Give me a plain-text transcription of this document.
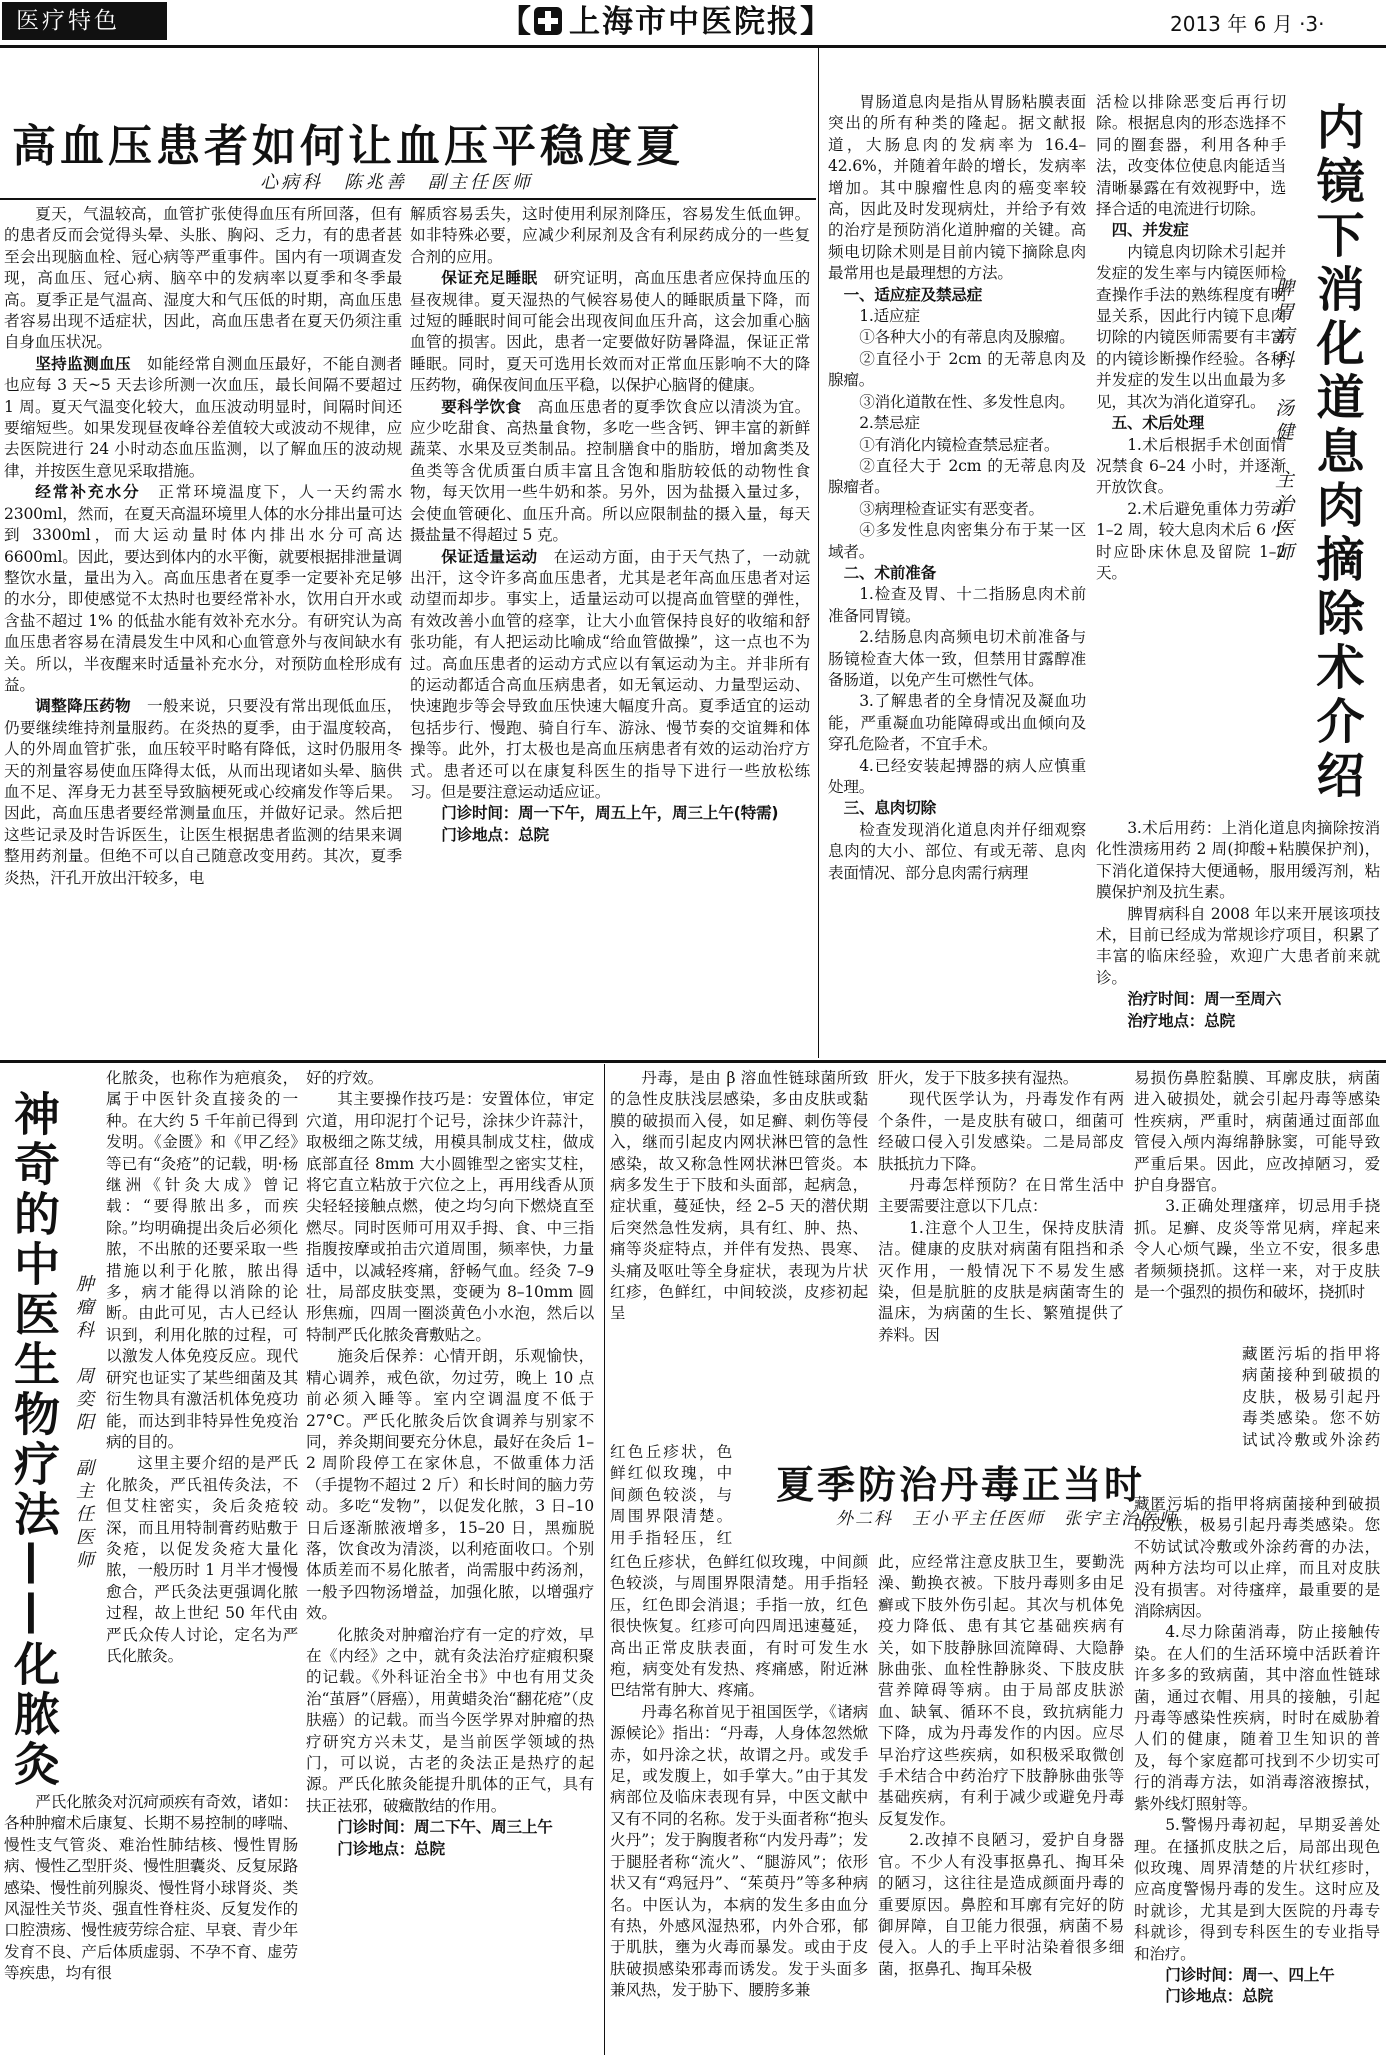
医疗特色	【 上海市中医院报】	2013 年 6 月 ·3·
高血压患者如何让血压平稳度夏
心病科　陈兆善　副主任医师

夏天，气温较高，血管扩张使得血压有所回落，但有的患者反而会觉得头晕、头胀、胸闷、乏力，有的患者甚至会出现脑血栓、冠心病等严重事件。国内有一项调查发现，高血压、冠心病、脑卒中的发病率以夏季和冬季最高。夏季正是气温高、湿度大和气压低的时期，高血压患者容易出现不适症状，因此，高血压患者在夏天仍须注重自身血压状况。

坚持监测血压　 如能经常自测血压最好，不能自测者也应每 3 天~5 天去诊所测一次血压，最长间隔不要超过 1 周。夏天气温变化较大，血压波动明显时，间隔时间还要缩短些。如果发现昼夜峰谷差值较大或波动不规律，应去医院进行 24 小时动态血压监测，以了解血压的波动规律，并按医生意见采取措施。

经常补充水分　 正常环境温度下，人一天约需水 2300ml，然而，在夏天高温环境里人体的水分排出量可达到 3300ml，而大运动量时体内排出水分可高达 6600ml。因此，要达到体内的水平衡，就要根据排泄量调整饮水量，量出为入。高血压患者在夏季一定要补充足够的水分，即使感觉不太热时也要经常补水，饮用白开水或含盐不超过 1% 的低盐水能有效补充水分。有研究认为高血压患者容易在清晨发生中风和心血管意外与夜间缺水有关。所以，半夜醒来时适量补充水分，对预防血栓形成有益。

调整降压药物　 一般来说，只要没有常出现低血压，仍要继续维持剂量服药。在炎热的夏季，由于温度较高，人的外周血管扩张，血压较平时略有降低，这时仍服用冬天的剂量容易使血压降得太低，从而出现诸如头晕、脑供血不足、浑身无力甚至导致脑梗死或心绞痛发作等后果。因此，高血压患者要经常测量血压，并做好记录。然后把这些记录及时告诉医生，让医生根据患者监测的结果来调整用药剂量。但绝不可以自己随意改变用药。其次，夏季炎热，汗孔开放出汗较多，电

解质容易丢失，这时使用利尿剂降压，容易发生低血钾。如非特殊必要，应减少利尿剂及含有利尿药成分的一些复合剂的应用。

保证充足睡眠　 研究证明，高血压患者应保持血压的昼夜规律。夏天湿热的气候容易使人的睡眠质量下降，而过短的睡眠时间可能会出现夜间血压升高，这会加重心脑血管的损害。因此，患者一定要做好防暑降温，保证正常睡眠。同时，夏天可选用长效而对正常血压影响不大的降压药物，确保夜间血压平稳，以保护心脑肾的健康。

要科学饮食　 高血压患者的夏季饮食应以清淡为宜。应少吃甜食、高热量食物，多吃一些含钙、钾丰富的新鲜蔬菜、水果及豆类制品。控制膳食中的脂肪，增加禽类及鱼类等含优质蛋白质丰富且含饱和脂肪较低的动物性食物，每天饮用一些牛奶和茶。另外，因为盐摄入量过多，会使血管硬化、血压升高。所以应限制盐的摄入量，每天摄盐量不得超过 5 克。

保证适量运动　 在运动方面，由于天气热了，一动就出汗，这令许多高血压患者，尤其是老年高血压患者对运动望而却步。事实上，适量运动可以提高血管壁的弹性，有效改善小血管的痉挛，让大小血管保持良好的收缩和舒张功能，有人把运动比喻成“给血管做操”，这一点也不为过。高血压患者的运动方式应以有氧运动为主。并非所有的运动都适合高血压病患者，如无氧运动、力量型运动、快速跑步等会导致血压快速大幅度升高。夏季适宜的运动包括步行、慢跑、骑自行车、游泳、慢节奏的交谊舞和体操等。此外，打太极也是高血压病患者有效的运动治疗方式。患者还可以在康复科医生的指导下进行一些放松练习。但是要注意运动适应证。

门诊时间：周一下午，周五上午，周三上午(特需)

门诊地点：总院

胃肠道息肉是指从胃肠粘膜表面突出的所有种类的隆起。据文献报道，大肠息肉的发病率为 16.4–42.6%，并随着年龄的增长，发病率增加。其中腺瘤性息肉的癌变率较高，因此及时发现病灶，并给予有效的治疗是预防消化道肿瘤的关键。高频电切除术则是目前内镜下摘除息肉最常用也是最理想的方法。

一、适应症及禁忌症

1.适应症

①各种大小的有蒂息肉及腺瘤。

②直径小于 2cm 的无蒂息肉及腺瘤。

③消化道散在性、多发性息肉。

2.禁忌症

①有消化内镜检查禁忌症者。

②直径大于 2cm 的无蒂息肉及腺瘤者。

③病理检查证实有恶变者。

④多发性息肉密集分布于某一区域者。

二、术前准备

1.检查及胃、十二指肠息肉术前准备同胃镜。

2.结肠息肉高频电切术前准备与肠镜检查大体一致，但禁用甘露醇准备肠道，以免产生可燃性气体。

3.了解患者的全身情况及凝血功能，严重凝血功能障碍或出血倾向及穿孔危险者，不宜手术。

4.已经安装起搏器的病人应慎重处理。

三、息肉切除

检查发现消化道息肉并仔细观察息肉的大小、部位、有或无蒂、息肉表面情况、部分息肉需行病理

活检以排除恶变后再行切除。根据息肉的形态选择不同的圈套器，利用各种手法，改变体位使息肉能适当清晰暴露在有效视野中，选择合适的电流进行切除。

四、并发症

内镜息肉切除术引起并发症的发生率与内镜医师检查操作手法的熟练程度有明显关系，因此行内镜下息肉切除的内镜医师需要有丰富的内镜诊断操作经验。各种并发症的发生以出血最为多见，其次为消化道穿孔。

五、术后处理

1.术后根据手术创面情况禁食 6–24 小时，并逐渐开放饮食。

2.术后避免重体力劳动 1–2 周，较大息肉术后 6 小时应卧床休息及留院 1–2 天。	内镜下消化道息肉摘除术介绍
脾胃病科　汤健　主治医师

3.术后用药：上消化道息肉摘除按消化性溃疡用药 2 周(抑酸+粘膜保护剂)，下消化道保持大便通畅，服用缓泻剂，粘膜保护剂及抗生素。

脾胃病科自 2008 年以来开展该项技术，目前已经成为常规诊疗项目，积累了丰富的临床经验，欢迎广大患者前来就诊。

治疗时间：周一至周六

治疗地点：总院

神奇的中医生物疗法——化脓灸 肿瘤科　周奕阳　副主任医师

化脓灸，也称作为疤痕灸，属于中医针灸直接灸的一种。在大约 5 千年前已得到发明。《金匮》和《甲乙经》等已有“灸疮”的记载，明·杨继洲《针灸大成》曾记载：“要得脓出多，而疾除。”均明确提出灸后必须化脓，不出脓的还要采取一些措施以利于化脓，脓出得多，病才能得以消除的论断。由此可见，古人已经认识到，利用化脓的过程，可以激发人体免疫反应。现代研究也证实了某些细菌及其衍生物具有激活机体免疫功能，而达到非特异性免疫治病的目的。

这里主要介绍的是严氏化脓灸，严氏祖传灸法，不但艾柱密实，灸后灸疮较深，而且用特制膏药贴敷于灸疮，以促发灸疮大量化脓，一般历时 1 月半才慢慢愈合，严氏灸法更强调化脓过程，故上世纪 50 年代由严氏众传人讨论，定名为严氏化脓灸。

严氏化脓灸对沉疴顽疾有奇效，诸如：各种肿瘤术后康复、长期不易控制的哮喘、慢性支气管炎、难治性肺结核、慢性胃肠病、慢性乙型肝炎、慢性胆囊炎、反复尿路感染、慢性前列腺炎、慢性肾小球肾炎、类风湿性关节炎、强直性脊柱炎、反复发作的口腔溃疡、慢性疲劳综合症、早衰、青少年发育不良、产后体质虚弱、不孕不育、虚劳等疾患，均有很

好的疗效。

其主要操作技巧是：安置体位，审定穴道，用印泥打个记号，涂抹少许蒜汁，取极细之陈艾绒，用模具制成艾柱，做成底部直径 8mm 大小圆锥型之密实艾柱，将它直立粘放于穴位之上，再用线香从顶尖轻轻接触点燃，使之均匀向下燃烧直至燃尽。同时医师可用双手拇、食、中三指指腹按摩或拍击穴道周围，频率快，力量适中，以减轻疼痛，舒畅气血。经灸 7–9 壮，局部皮肤变黑，变硬为 8–10mm 圆形焦痂，四周一圈淡黄色小水泡，然后以特制严氏化脓灸膏敷贴之。

施灸后保养：心情开朗，乐观愉快，精心调养，戒色欲，勿过劳，晚上 10 点前必须入睡等。室内空调温度不低于 27°C。严氏化脓灸后饮食调养与别家不同，养灸期间要充分休息，最好在灸后 1–2 周阶段停工在家休息，不做重体力活（手提物不超过 2 斤）和长时间的脑力劳动。多吃“发物”，以促发化脓，3 日–10 日后逐渐脓液增多，15–20 日，黑痂脱落，饮食改为清淡，以利疮面收口。个别体质差而不易化脓者，尚需服中药汤剂，一般予四物汤增益，加强化脓，以增强疗效。

化脓灸对肿瘤治疗有一定的疗效，早在《内经》之中，就有灸法治疗症瘕积聚的记载。《外科证治全书》中也有用艾灸治“茧唇”（唇癌），用黄蜡灸治“翻花疮”（皮肤癌）的记载。而当今医学界对肿瘤的热疗研究方兴未艾，是当前医学领域的热门，可以说，古老的灸法正是热疗的起源。严氏化脓灸能提升肌体的正气，具有扶正祛邪，破癥散结的作用。

门诊时间：周二下午、周三上午

门诊地点：总院

丹毒，是由 β 溶血性链球菌所致的急性皮肤浅层感染，多由皮肤或黏膜的破损而入侵，如足癣、刺伤等侵入，继而引起皮内网状淋巴管的急性感染，故又称急性网状淋巴管炎。本病多发生于下肢和头面部，起病急，症状重，蔓延快，经 2–5 天的潜伏期后突然急性发病，具有红、肿、热、痛等炎症特点，并伴有发热、畏寒、头痛及呕吐等全身症状，表现为片状红疹，色鲜红，中间较淡，皮疹初起呈

红色丘疹状，色鲜红似玫瑰，中间颜色较淡，与周围界限清楚。用手指轻压，红

肝火，发于下肢多挟有湿热。

现代医学认为，丹毒发作有两个条件，一是皮肤有破口，细菌可经破口侵入引发感染。二是局部皮肤抵抗力下降。

丹毒怎样预防？在日常生活中主要需要注意以下几点：

1.注意个人卫生，保持皮肤清洁。健康的皮肤对病菌有阻挡和杀灭作用，一般情况下不易发生感染，但是肮脏的皮肤是病菌寄生的温床，为病菌的生长、繁殖提供了养料。因

易损伤鼻腔黏膜、耳廓皮肤，病菌进入破损处，就会引起丹毒等感染性疾病，严重时，病菌通过面部血管侵入颅内海绵静脉窦，可能导致严重后果。因此，应改掉陋习，爱护自身器官。

3.正确处理瘙痒，切忌用手挠抓。足癣、皮炎等常见病，痒起来令人心烦气躁，坐立不安，很多患者频频挠抓。这样一来，对于皮肤是一个强烈的损伤和破坏，挠抓时

藏匿污垢的指甲将病菌接种到破损的皮肤，极易引起丹毒类感染。您不妨试试冷敷或外涂药

夏季防治丹毒正当时
外二科　王小平主任医师　张宇主治医师

红色丘疹状，色鲜红似玫瑰，中间颜色较淡，与周围界限清楚。用手指轻压，红色即会消退；手指一放，红色很快恢复。红疹可向四周迅速蔓延，高出正常皮肤表面，有时可发生水疱，病变处有发热、疼痛感，附近淋巴结常有肿大、疼痛。

丹毒名称首见于祖国医学，《诸病源候论》指出：“丹毒，人身体忽然焮赤，如丹涂之状，故谓之丹。或发手足，或发腹上，如手掌大。”由于其发病部位及临床表现有异，中医文献中又有不同的名称。发于头面者称“抱头火丹”；发于胸腹者称“内发丹毒”；发于腿胫者称“流火”、“腿游风”；依形状又有“鸡冠丹”、“茱萸丹”等多种病名。中医认为，本病的发生多由血分有热，外感风湿热邪，内外合邪，郁于肌肤，壅为火毒而暴发。或由于皮肤破损感染邪毒而诱发。发于头面多兼风热，发于胁下、腰胯多兼

此，应经常注意皮肤卫生，要勤洗澡、勤换衣被。下肢丹毒则多由足癣或下肢外伤引起。其次与机体免疫力降低、患有其它基础疾病有关，如下肢静脉回流障碍、大隐静脉曲张、血栓性静脉炎、下肢皮肤营养障碍等病。由于局部皮肤淤血、缺氧、循环不良，致抗病能力下降，成为丹毒发作的内因。应尽早治疗这些疾病，如积极采取微创手术结合中药治疗下肢静脉曲张等基础疾病，有利于减少或避免丹毒反复发作。

2.改掉不良陋习，爱护自身器官。不少人有没事抠鼻孔、掏耳朵的陋习，这往往是造成颜面丹毒的重要原因。鼻腔和耳廓有完好的防御屏障，自卫能力很强，病菌不易侵入。人的手上平时沾染着很多细菌，抠鼻孔、掏耳朵极

藏匿污垢的指甲将病菌接种到破损的皮肤，极易引起丹毒类感染。您不妨试试冷敷或外涂药膏的办法，两种方法均可以止痒，而且对皮肤没有损害。对待瘙痒，最重要的是消除病因。

4.尽力除菌消毒，防止接触传染。在人们的生活环境中活跃着许许多多的致病菌，其中溶血性链球菌，通过衣帽、用具的接触，引起丹毒等感染性疾病，时时在威胁着人们的健康，随着卫生知识的普及，每个家庭都可找到不少切实可行的消毒方法，如消毒溶液擦拭，紫外线灯照射等。

5.警惕丹毒初起，早期妥善处理。在搔抓皮肤之后，局部出现色似玫瑰、周界清楚的片状红疹时，应高度警惕丹毒的发生。这时应及时就诊，尤其是到大医院的丹毒专科就诊，得到专科医生的专业指导和治疗。

门诊时间：周一、四上午

门诊地点：总院
